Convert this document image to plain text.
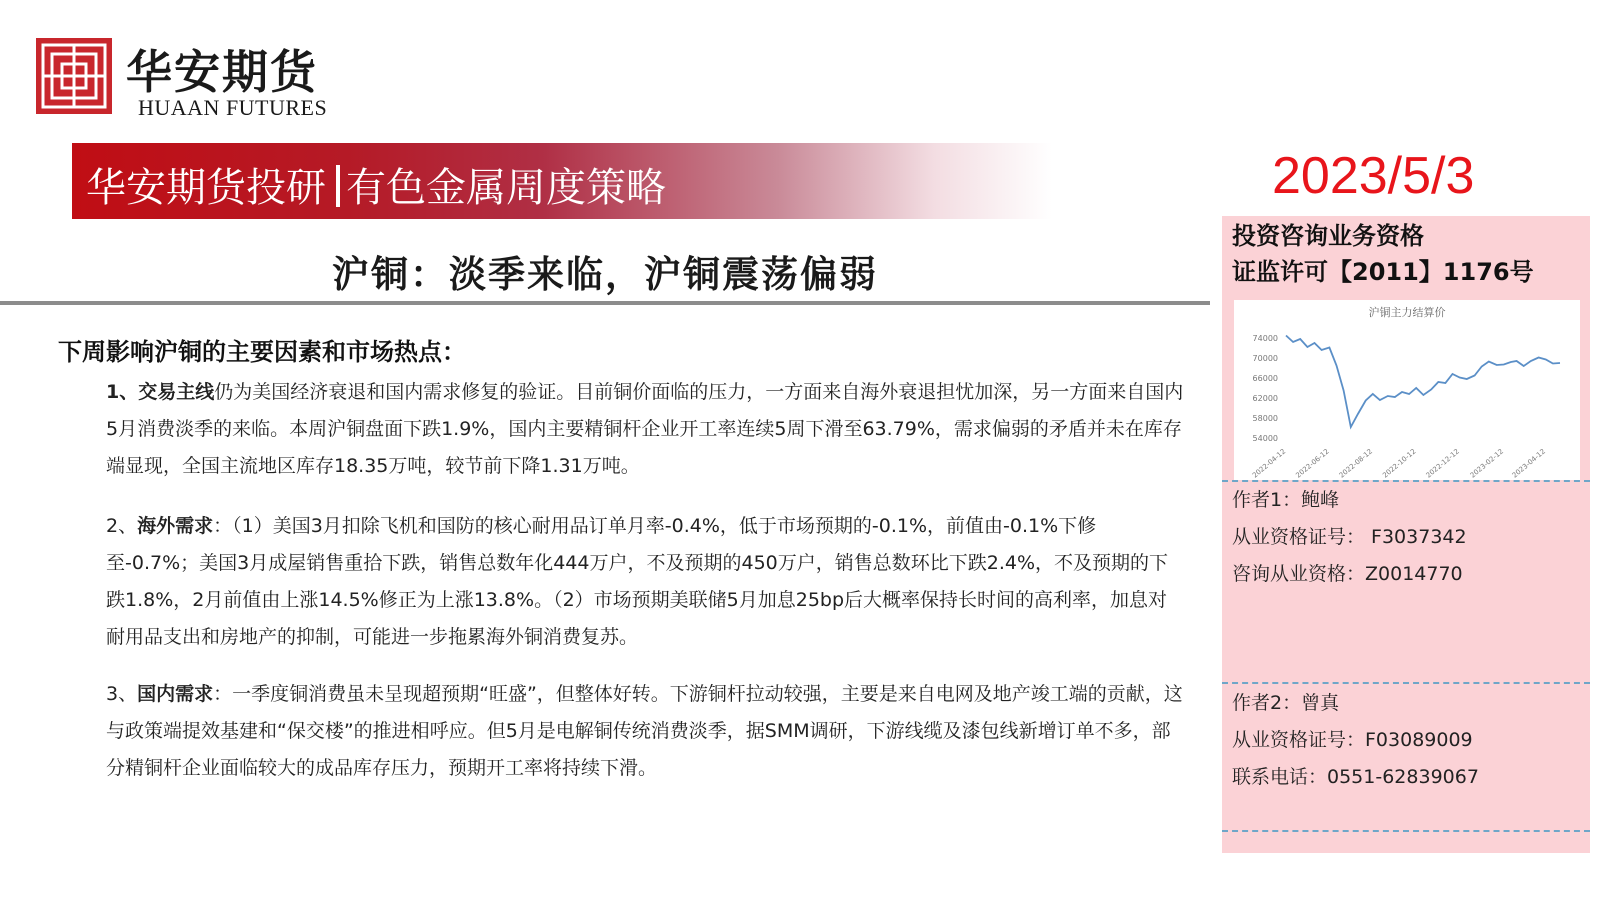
华安期货
HUAAN FUTURES
华安期货投研 有色金属周度策略	2023/5/3
沪铜：淡季来临，沪铜震荡偏弱
下周影响沪铜的主要因素和市场热点：
1、交易主线仍为美国经济衰退和国内需求修复的验证。目前铜价面临的压力，一方面来自海外衰退担忧加深，另一方面来自国内5月消费淡季的来临。本周沪铜盘面下跌1.9%，国内主要精铜杆企业开工率连续5周下滑至63.79%，需求偏弱的矛盾并未在库存端显现，全国主流地区库存18.35万吨，较节前下降1.31万吨。
2、海外需求：（1）美国3月扣除飞机和国防的核心耐用品订单月率-0.4%，低于市场预期的-0.1%，前值由-0.1%下修至-0.7%；美国3月成屋销售重拾下跌，销售总数年化444万户，不及预期的450万户，销售总数环比下跌2.4%，不及预期的下跌1.8%，2月前值由上涨14.5%修正为上涨13.8%。（2）市场预期美联储5月加息25bp后大概率保持长时间的高利率，加息对耐用品支出和房地产的抑制，可能进一步拖累海外铜消费复苏。
3、国内需求：一季度铜消费虽未呈现超预期“旺盛”，但整体好转。下游铜杆拉动较强，主要是来自电网及地产竣工端的贡献，这与政策端提效基建和“保交楼”的推进相呼应。但5月是电解铜传统消费淡季，据SMM调研，下游线缆及漆包线新增订单不多，部分精铜杆企业面临较大的成品库存压力，预期开工率将持续下滑。
投资咨询业务资格
证监许可【2011】1176号
沪铜主力结算价
54000
58000
62000
66000
70000
74000
2022-04-12 2022-06-12 2022-08-12 2022-10-12 2022-12-12 2023-02-12 2023-04-12
作者1：鲍峰
从业资格证号： F3037342
咨询从业资格：Z0014770
作者2：曾真
从业资格证号：F03089009
联系电话：0551-62839067
